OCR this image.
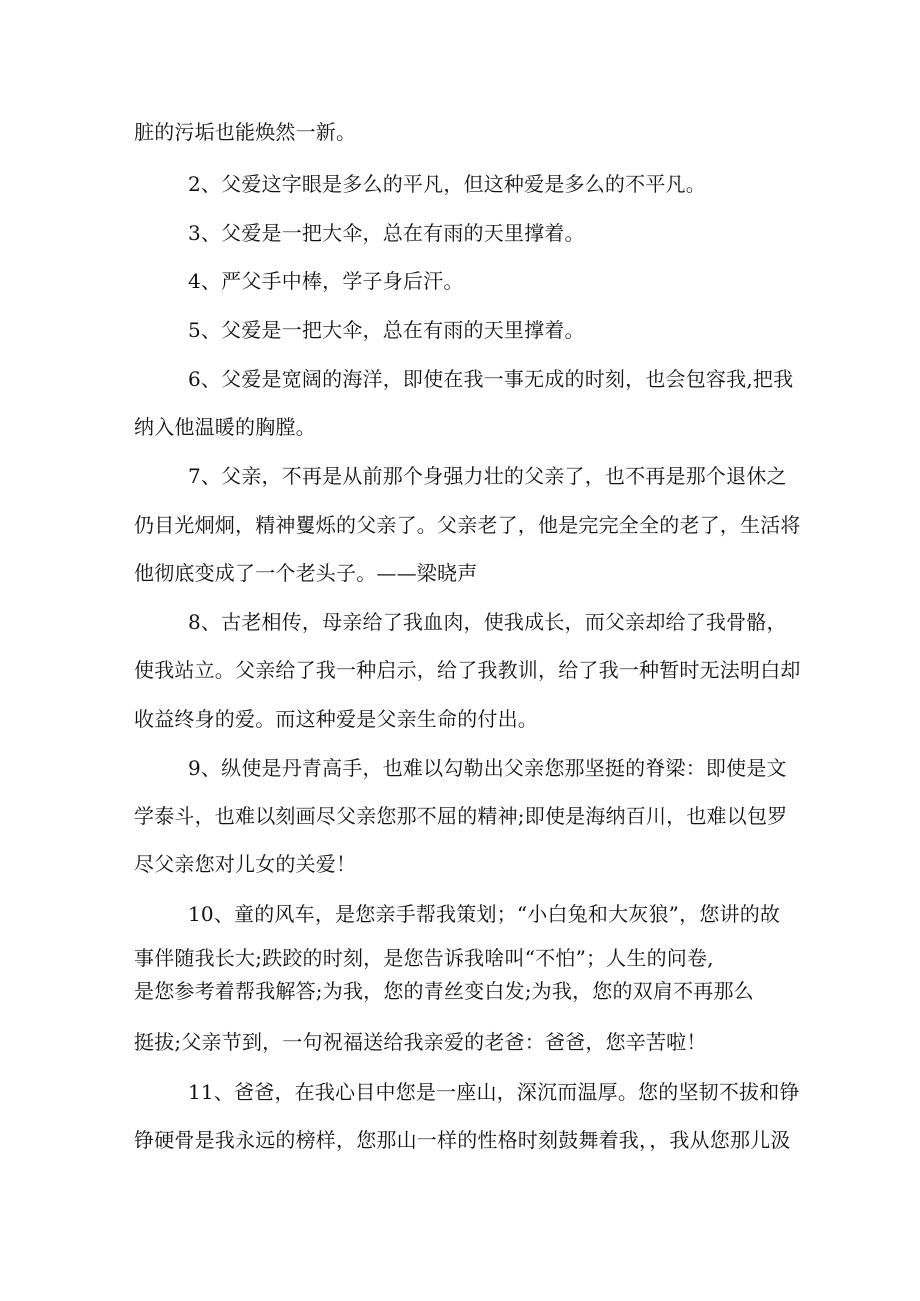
脏的污垢也能焕然一新。
2、父爱这字眼是多么的平凡，但这种爱是多么的不平凡。
3、父爱是一把大伞，总在有雨的天里撑着。
4、严父手中棒，学子身后汗。
5、父爱是一把大伞，总在有雨的天里撑着。
6、父爱是宽阔的海洋，即使在我一事无成的时刻，也会包容我,把我
纳入他温暖的胸膛。
7、父亲，不再是从前那个身强力壮的父亲了，也不再是那个退休之
仍目光炯炯，精神矍烁的父亲了。父亲老了，他是完完全全的老了，生活将
他彻底变成了一个老头子。——梁晓声
8、古老相传，母亲给了我血肉，使我成长，而父亲却给了我骨骼，
使我站立。父亲给了我一种启示，给了我教训，给了我一种暂时无法明白却
收益终身的爱。而这种爱是父亲生命的付出。
9、纵使是丹青高手，也难以勾勒出父亲您那坚挺的脊梁：即使是文
学泰斗，也难以刻画尽父亲您那不屈的精神;即使是海纳百川，也难以包罗
尽父亲您对儿女的关爱！
10、童的风车，是您亲手帮我策划；“小白兔和大灰狼”，您讲的故
事伴随我长大;跌跤的时刻，是您告诉我啥叫“不怕”；人生的问卷,
是您参考着帮我解答;为我，您的青丝变白发;为我，您的双肩不再那么
挺拔;父亲节到，一句祝福送给我亲爱的老爸：爸爸，您辛苦啦！
11、爸爸，在我心目中您是一座山，深沉而温厚。您的坚韧不拔和铮
铮硬骨是我永远的榜样，您那山一样的性格时刻鼓舞着我，，我从您那儿汲
